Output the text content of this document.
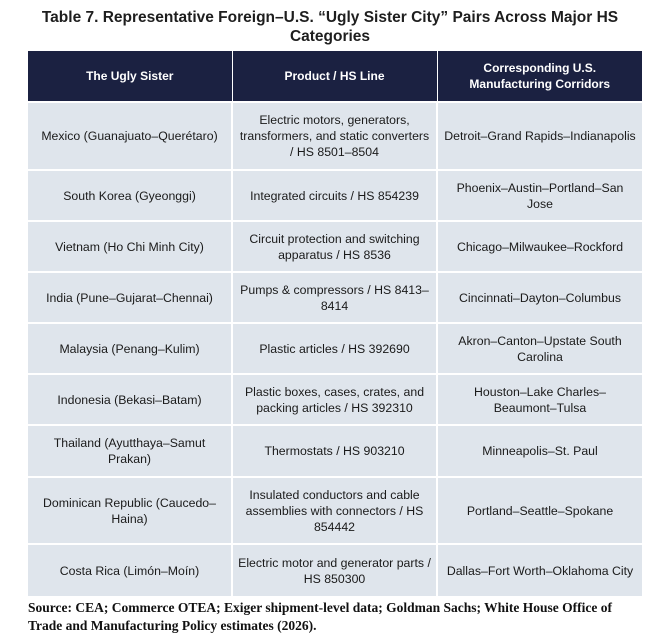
Table 7. Representative Foreign–U.S. “Ugly Sister City” Pairs Across Major HS Categories
The Ugly Sister	Product / HS Line	Corresponding U.S. Manufacturing Corridors
Mexico (Guanajuato–Querétaro)	Electric motors, generators, transformers, and static converters / HS 8501–8504	Detroit–Grand Rapids–Indianapolis
South Korea (Gyeonggi)	Integrated circuits / HS 854239	Phoenix–Austin–Portland–San Jose
Vietnam (Ho Chi Minh City)	Circuit protection and switching apparatus / HS 8536	Chicago–Milwaukee–Rockford
India (Pune–Gujarat–Chennai)	Pumps & compressors / HS 8413–8414	Cincinnati–Dayton–Columbus
Malaysia (Penang–Kulim)	Plastic articles / HS 392690	Akron–Canton–Upstate South Carolina
Indonesia (Bekasi–Batam)	Plastic boxes, cases, crates, and packing articles / HS 392310	Houston–Lake Charles–Beaumont–Tulsa
Thailand (Ayutthaya–Samut Prakan)	Thermostats / HS 903210	Minneapolis–St. Paul
Dominican Republic (Caucedo–Haina)	Insulated conductors and cable assemblies with connectors / HS 854442	Portland–Seattle–Spokane
Costa Rica (Limón–Moín)	Electric motor and generator parts / HS 850300	Dallas–Fort Worth–Oklahoma City
Source: CEA; Commerce OTEA; Exiger shipment-level data; Goldman Sachs; White House Office of Trade and Manufacturing Policy estimates (2026).
